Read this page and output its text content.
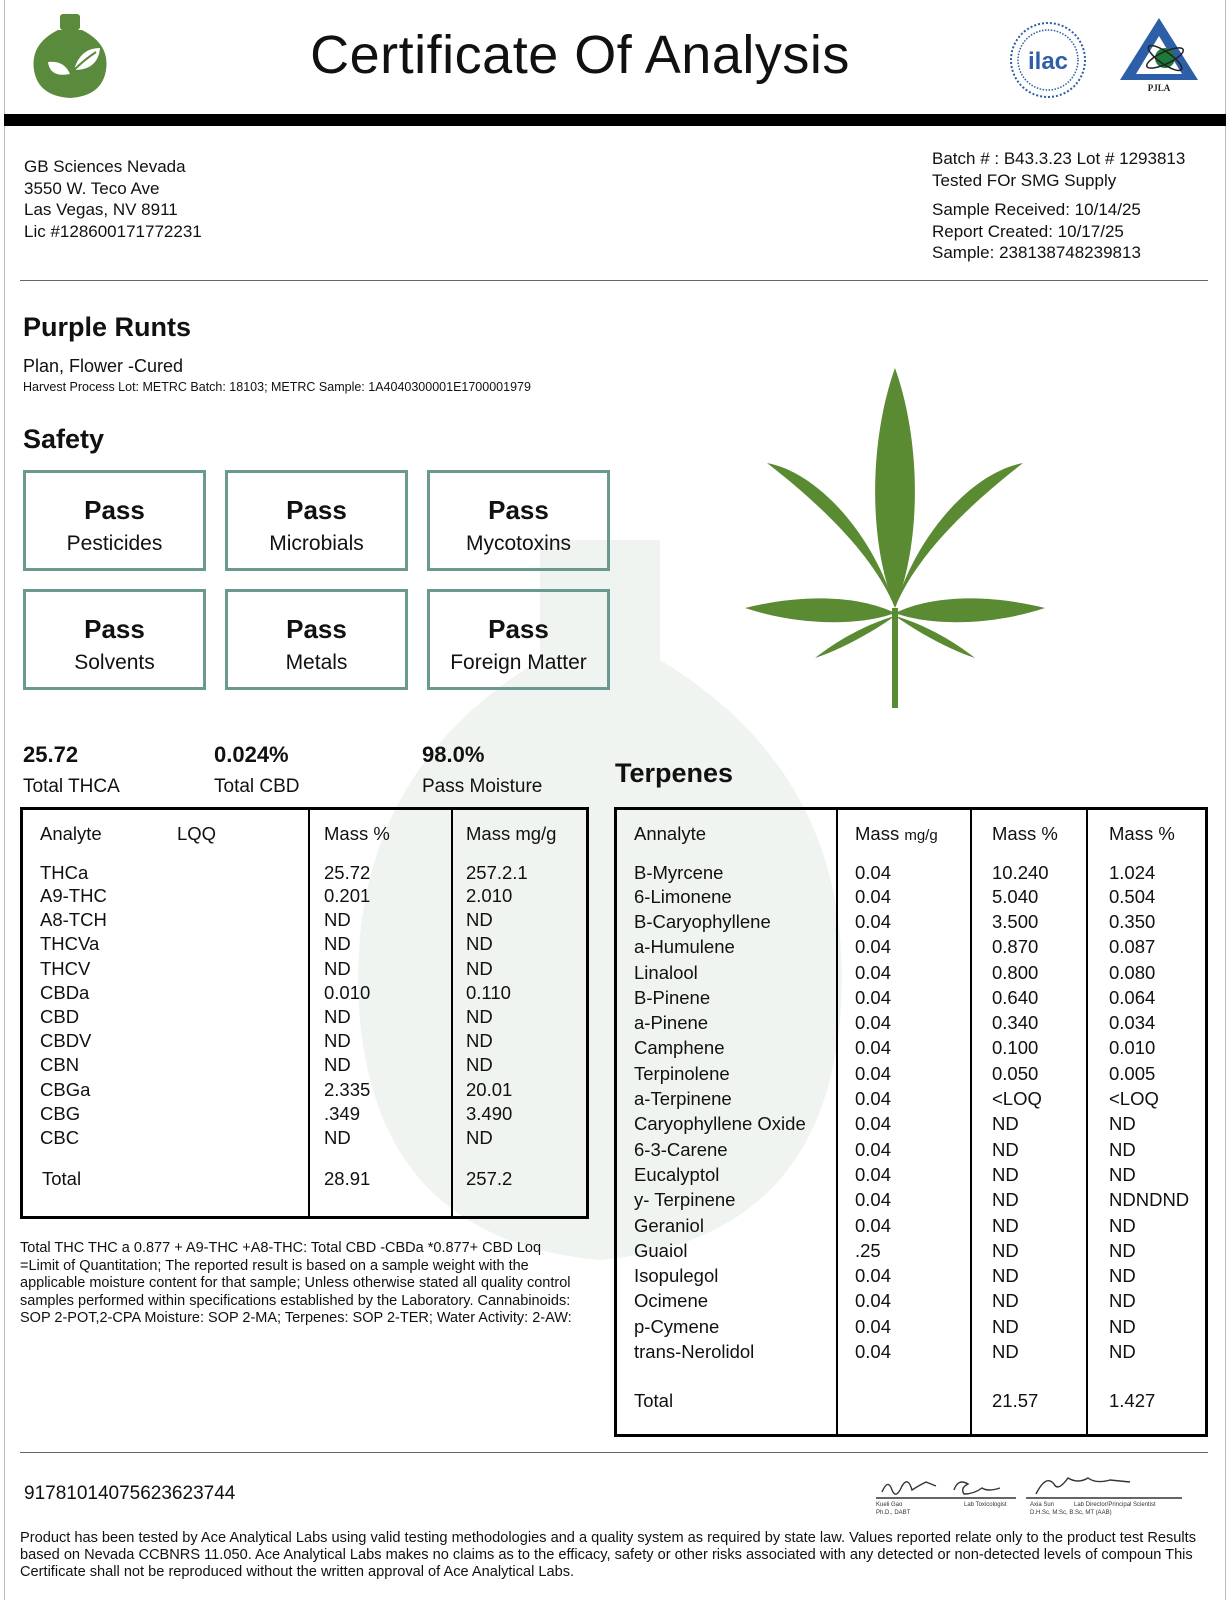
Certificate Of Analysis	ilac
PJLA
GB Sciences Nevada
3550 W. Teco Ave
Las Vegas, NV 8911
Lic #128600171772231
Batch # : B43.3.23 Lot # 1293813
Tested FOr SMG Supply
Sample Received: 10/14/25
Report Created: 10/17/25
Sample: 238138748239813
Purple Runts
Plan, Flower -Cured
Harvest Process Lot: METRC Batch: 18103; METRC Sample: 1A4040300001E1700001979
Safety
Pass
Pesticides
Pass
Microbials
Pass
Mycotoxins
Pass
Solvents
Pass
Metals
Pass
Foreign Matter
25.72
Total THCA
0.024%
Total CBD
98.0%
Pass Moisture	Terpenes
Analyte	LQQ	Mass %	Mass mg/g
THCa		25.72	257.2.1
A9-THC		0.201	2.010
A8-TCH		ND	ND
THCVa		ND	ND
THCV		ND	ND
CBDa		0.010	0.110
CBD		ND	ND
CBDV		ND	ND
CBN		ND	ND
CBGa		2.335	20.01
CBG		.349	3.490
CBC		ND	ND
Total		28.91	257.2
Annalyte	Mass mg/g	Mass %	Mass %
B-Myrcene	0.04	10.240	1.024
6-Limonene	0.04	5.040	0.504
B-Caryophyllene	0.04	3.500	0.350
a-Humulene	0.04	0.870	0.087
Linalool	0.04	0.800	0.080
B-Pinene	0.04	0.640	0.064
a-Pinene	0.04	0.340	0.034
Camphene	0.04	0.100	0.010
Terpinolene	0.04	0.050	0.005
a-Terpinene	0.04	<LOQ	<LOQ
Caryophyllene Oxide	0.04	ND	ND
6-3-Carene	0.04	ND	ND
Eucalyptol	0.04	ND	ND
y- Terpinene	0.04	ND	NDNDND
Geraniol	0.04	ND	ND
Guaiol	.25	ND	ND
Isopulegol	0.04	ND	ND
Ocimene	0.04	ND	ND
p-Cymene	0.04	ND	ND
trans-Nerolidol	0.04	ND	ND
Total		21.57	1.427
Total THC THC a 0.877 + A9-THC +A8-THC: Total CBD -CBDa *0.877+ CBD Loq =Limit of Quantitation; The reported result is based on a sample weight with the applicable moisture content for that sample; Unless otherwise stated all quality control samples performed within specifications established by the Laboratory. Cannabinoids: SOP 2-POT,2-CPA Moisture: SOP 2-MA; Terpenes: SOP 2-TER; Water Activity: 2-AW:
91781014075623623744
Kueli Gao
Ph.D., DABT
Lab Toxicologist	Axia Sun
D.H.Sc, M.Sc, B.Sc, MT (AAB)
Lab Director/Principal Scientist
Product has been tested by Ace Analytical Labs using valid testing methodologies and a quality system as required by state law. Values reported relate only to the product test Results based on Nevada CCBNRS 11.050. Ace Analytical Labs makes no claims as to the efficacy, safety or other risks associated with any detected or non-detected levels of compoun This Certificate shall not be reproduced without the written approval of Ace Analytical Labs.
